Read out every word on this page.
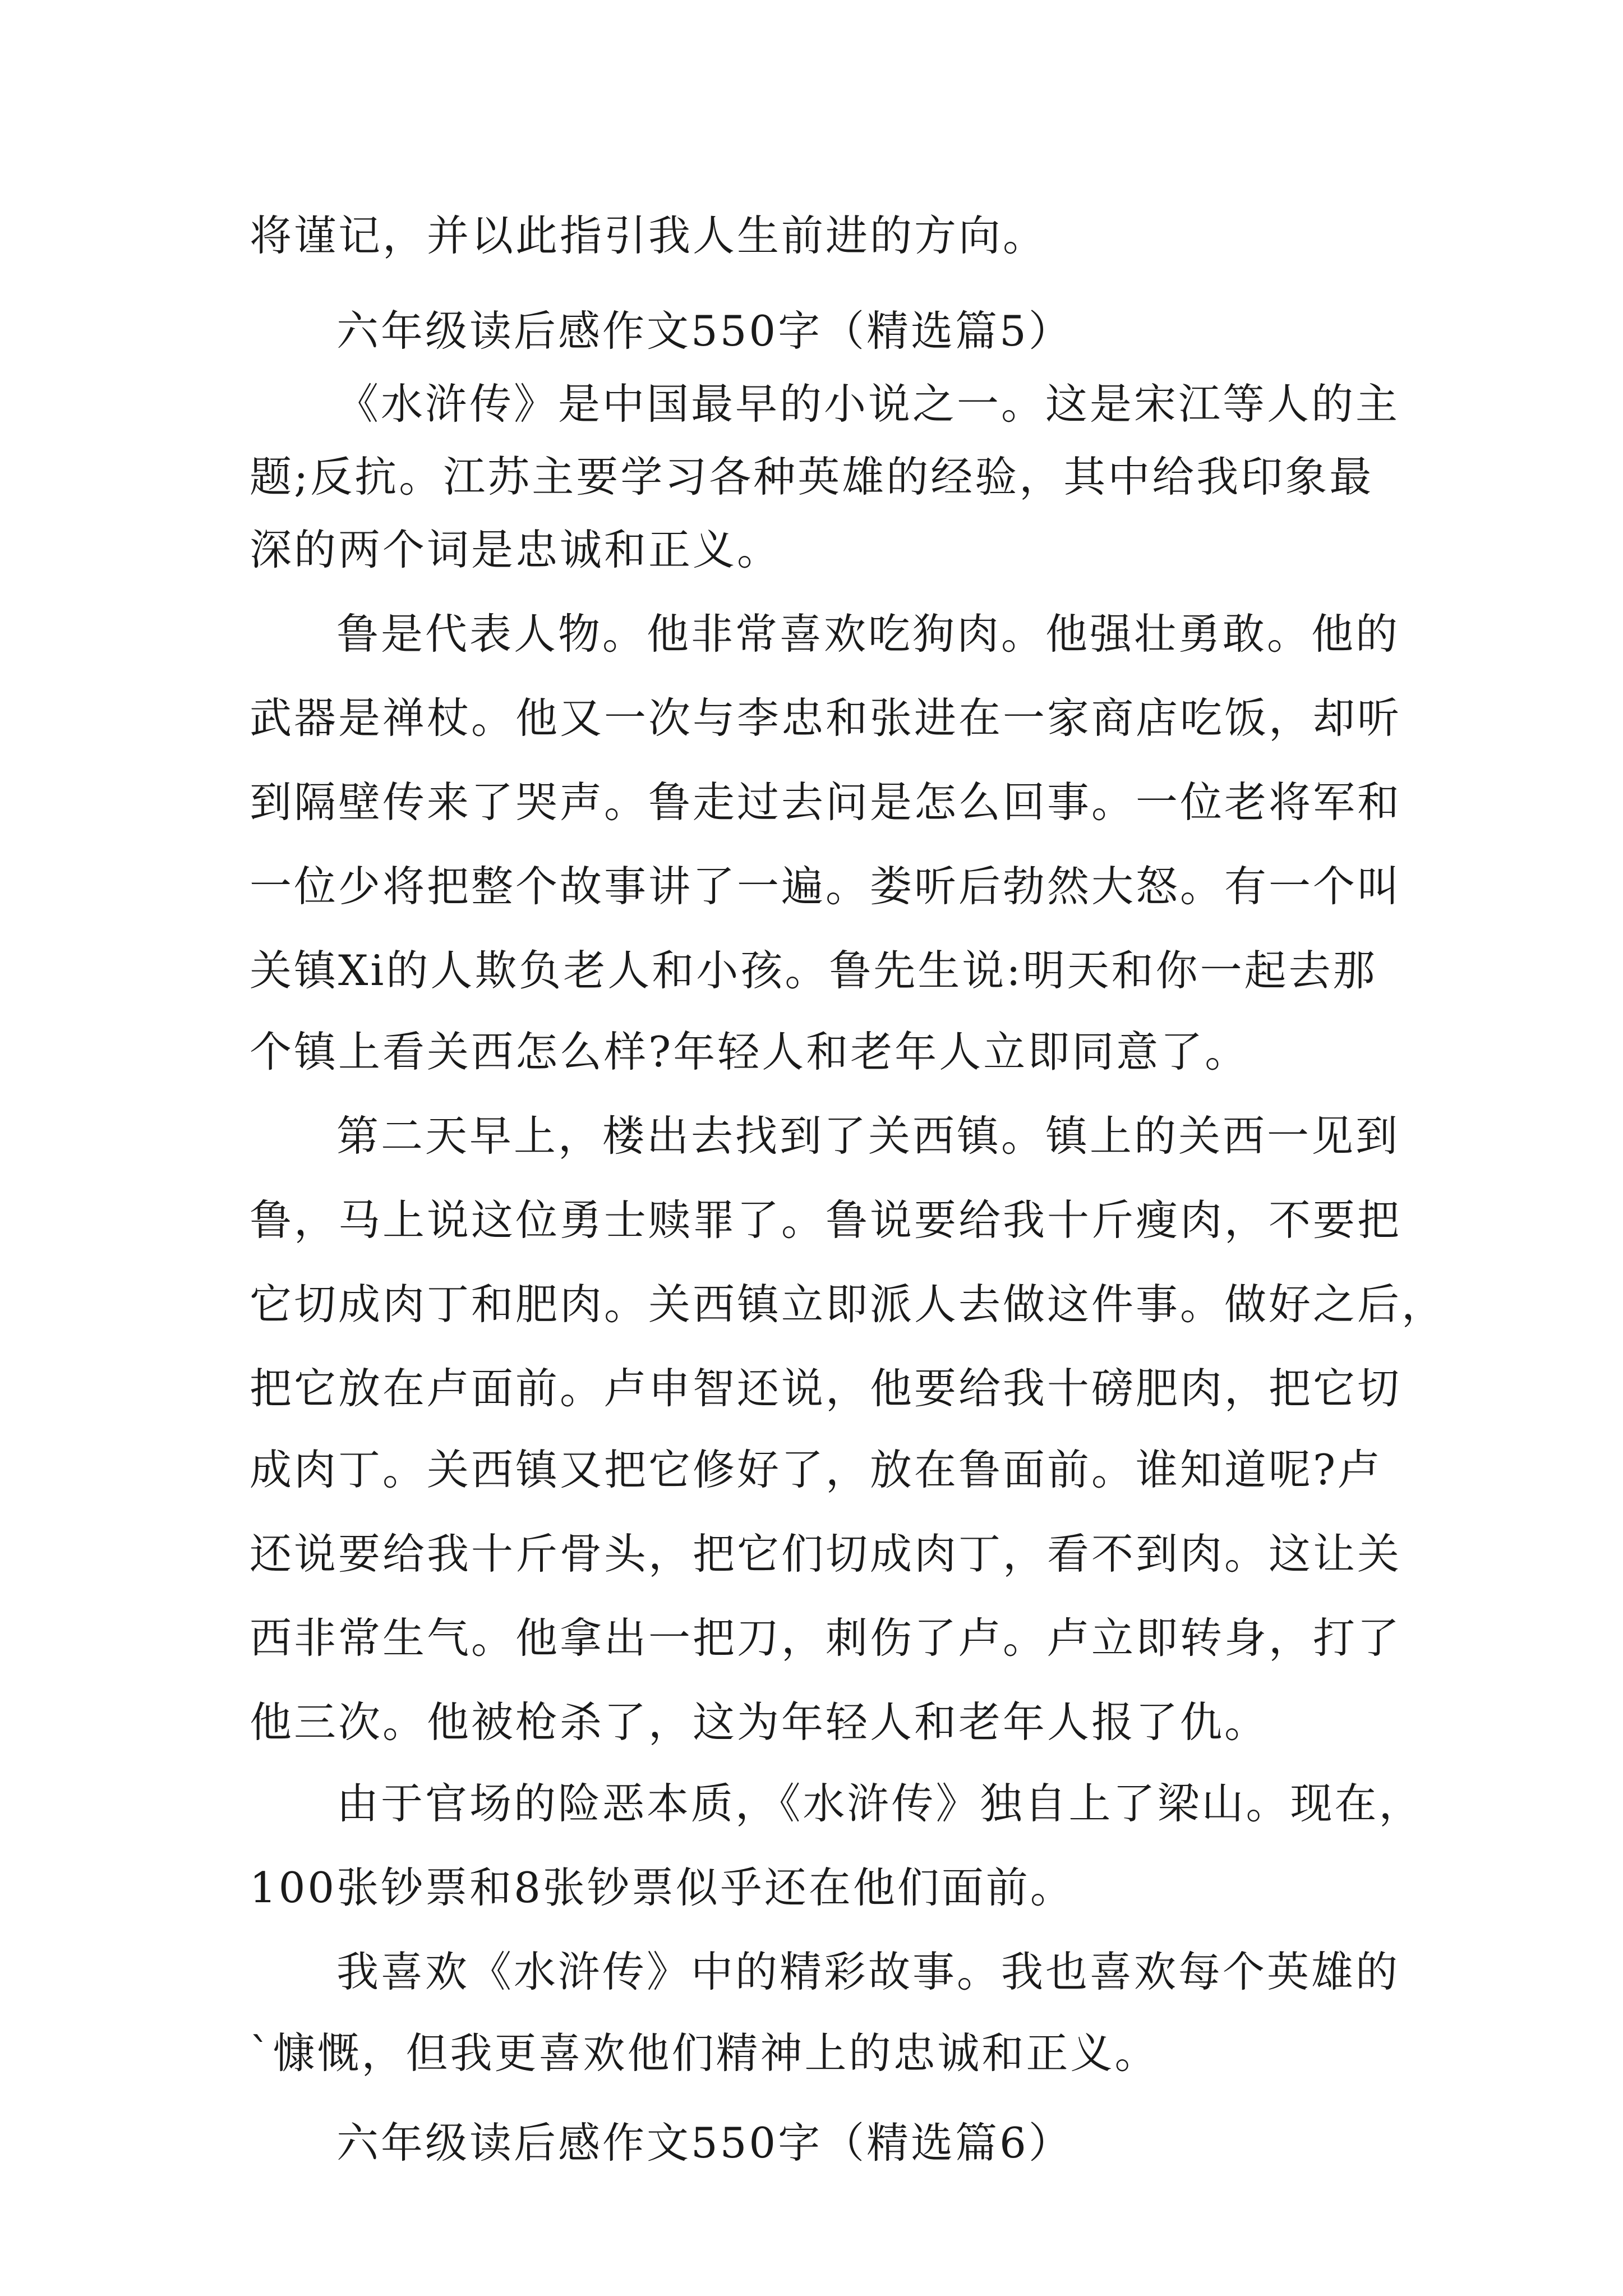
将谨记，并以此指引我人生前进的方向。
六年级读后感作文550字（精选篇5）
《水浒传》是中国最早的小说之一。这是宋江等人的主
题;反抗。江苏主要学习各种英雄的经验，其中给我印象最
深的两个词是忠诚和正义。
鲁是代表人物。他非常喜欢吃狗肉。他强壮勇敢。他的
武器是禅杖。他又一次与李忠和张进在一家商店吃饭，却听
到隔壁传来了哭声。鲁走过去问是怎么回事。一位老将军和
一位少将把整个故事讲了一遍。娄听后勃然大怒。有一个叫
关镇Xi的人欺负老人和小孩。鲁先生说:明天和你一起去那
个镇上看关西怎么样?年轻人和老年人立即同意了。
第二天早上，楼出去找到了关西镇。镇上的关西一见到
鲁，马上说这位勇士赎罪了。鲁说要给我十斤瘦肉，不要把
它切成肉丁和肥肉。关西镇立即派人去做这件事。做好之后，
把它放在卢面前。卢申智还说，他要给我十磅肥肉，把它切
成肉丁。关西镇又把它修好了，放在鲁面前。谁知道呢?卢
还说要给我十斤骨头，把它们切成肉丁，看不到肉。这让关
西非常生气。他拿出一把刀，刺伤了卢。卢立即转身，打了
他三次。他被枪杀了，这为年轻人和老年人报了仇。
由于官场的险恶本质，《水浒传》独自上了梁山。现在，
100张钞票和8张钞票似乎还在他们面前。
我喜欢《水浒传》中的精彩故事。我也喜欢每个英雄的
`慷慨，但我更喜欢他们精神上的忠诚和正义。
六年级读后感作文550字（精选篇6）
